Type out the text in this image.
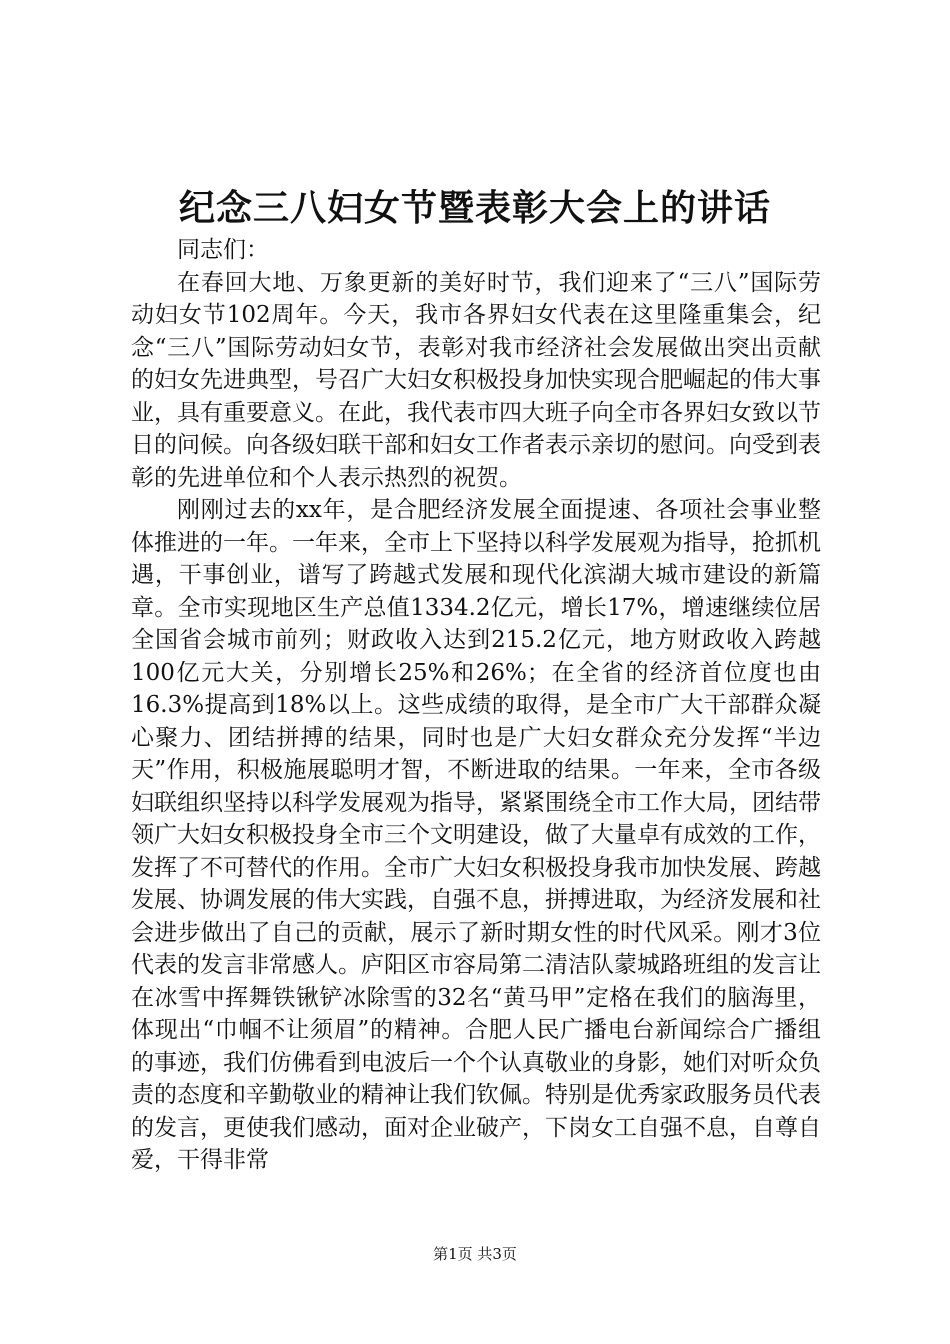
纪念三八妇女节暨表彰大会上的讲话

同志们：

在春回大地、万象更新的美好时节，我们迎来了“三八”国际劳动妇女节102周年。今天，我市各界妇女代表在这里隆重集会，纪念“三八”国际劳动妇女节，表彰对我市经济社会发展做出突出贡献的妇女先进典型，号召广大妇女积极投身加快实现合肥崛起的伟大事业，具有重要意义。在此，我代表市四大班子向全市各界妇女致以节日的问候。向各级妇联干部和妇女工作者表示亲切的慰问。向受到表彰的先进单位和个人表示热烈的祝贺。

刚刚过去的xx年，是合肥经济发展全面提速、各项社会事业整体推进的一年。一年来，全市上下坚持以科学发展观为指导，抢抓机遇，干事创业，谱写了跨越式发展和现代化滨湖大城市建设的新篇章。全市实现地区生产总值1334.2亿元，增长17%，增速继续位居全国省会城市前列；财政收入达到215.2亿元，地方财政收入跨越100亿元大关，分别增长25%和26%；在全省的经济首位度也由16.3%提高到18%以上。这些成绩的取得，是全市广大干部群众凝心聚力、团结拼搏的结果，同时也是广大妇女群众充分发挥“半边天”作用，积极施展聪明才智，不断进取的结果。一年来，全市各级妇联组织坚持以科学发展观为指导，紧紧围绕全市工作大局，团结带领广大妇女积极投身全市三个文明建设，做了大量卓有成效的工作，发挥了不可替代的作用。全市广大妇女积极投身我市加快发展、跨越发展、协调发展的伟大实践，自强不息，拼搏进取，为经济发展和社会进步做出了自己的贡献，展示了新时期女性的时代风采。刚才3位代表的发言非常感人。庐阳区市容局第二清洁队蒙城路班组的发言让在冰雪中挥舞铁锹铲冰除雪的32名“黄马甲”定格在我们的脑海里，体现出“巾帼不让须眉”的精神。合肥人民广播电台新闻综合广播组的事迹，我们仿佛看到电波后一个个认真敬业的身影，她们对听众负责的态度和辛勤敬业的精神让我们钦佩。特别是优秀家政服务员代表的发言，更使我们感动，面对企业破产，下岗女工自强不息，自尊自爱，干得非常

第1页 共3页
